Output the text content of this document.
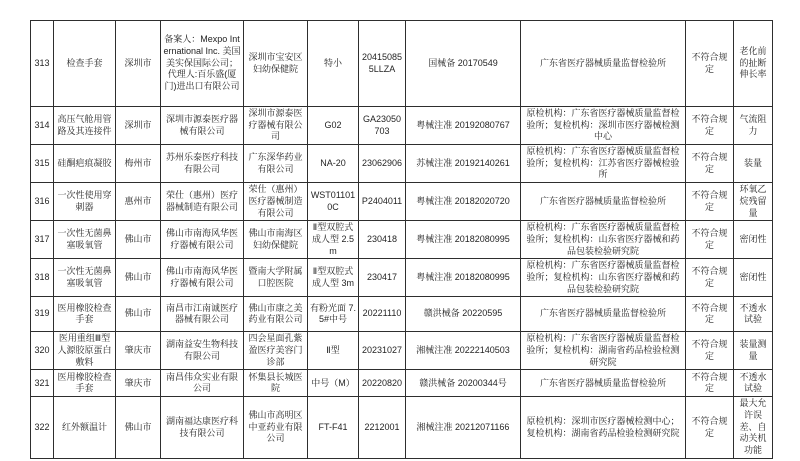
313	检查手套	深圳市	备案人：Mexpo International Inc. 美国美实保国际公司；代理人:百乐盛(厦门)进出口有限公司	深圳市宝安区妇幼保健院	特小	204150855LLZA	国械备 20170549	广东省医疗器械质量监督检验所	不符合规定	老化前的扯断伸长率
314	高压气舱用管路及其连接件	深圳市	深圳市源泰医疗器械有限公司	深圳市源泰医疗器械有限公司	G02	GA23050703	粤械注准 20192080767	原检机构：广东省医疗器械质量监督检验所；复检机构：深圳市医疗器械检测中心	不符合规定	气流阻力
315	硅酮疤痕凝胶	梅州市	苏州乐泰医疗科技有限公司	广东深华药业有限公司	NA-20	23062906	苏械注准 20192140261	原检机构：广东省医疗器械质量监督检验所；复检机构：江苏省医疗器械检验所	不符合规定	装量
316	一次性使用穿刺器	惠州市	荣仕（惠州）医疗器械制造有限公司	荣仕（惠州）医疗器械制造有限公司	WST011010C	P2404011	粤械注准 20182020720	广东省医疗器械质量监督检验所	不符合规定	环氧乙烷残留量
317	一次性无菌鼻塞吸氧管	佛山市	佛山市南海风华医疗器械有限公司	佛山市南海区妇幼保健院	Ⅱ型双腔式成人型 2.5m	230418	粤械注准 20182080995	原检机构：广东省医疗器械质量监督检验所；复检机构：山东省医疗器械和药品包装检验研究院	不符合规定	密闭性
318	一次性无菌鼻塞吸氧管	佛山市	佛山市南海风华医疗器械有限公司	暨南大学附属口腔医院	Ⅱ型双腔式成人型 3m	230417	粤械注准 20182080995	原检机构：广东省医疗器械质量监督检验所；复检机构：山东省医疗器械和药品包装检验研究院	不符合规定	密闭性
319	医用橡胶检查手套	佛山市	南昌市江南诚医疗器械有限公司	佛山市康之美药业有限公司	有粉光面 7.5#中号	20221110	赣洪械备 20220595	广东省医疗器械质量监督检验所	不符合规定	不透水试验
320	医用重组Ⅲ型人源胶原蛋白敷料	肇庆市	湖南益安生物科技有限公司	四会星面孔紫盈医疗美容门诊部	Ⅱ型	20231027	湘械注准 20222140503	原检机构：广东省医疗器械质量监督检验所；复检机构：湖南省药品检验检测研究院	不符合规定	装量测量
321	医用橡胶检查手套	肇庆市	南昌伟众实业有限公司	怀集县长城医院	中号（M）	20220820	赣洪械备 20200344号	广东省医疗器械质量监督检验所	不符合规定	不透水试验
322	红外额温计	佛山市	湖南福达康医疗科技有限公司	佛山市高明区中亚药业有限公司	FT-F41	2212001	湘械注准 20212071166	原检机构：深圳市医疗器械检测中心；复检机构：湖南省药品检验检测研究院	不符合规定	最大允许误差、自动关机功能
